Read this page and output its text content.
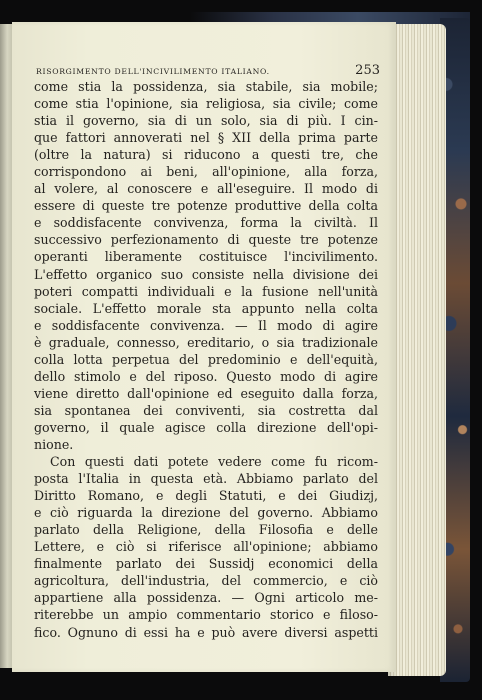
RISORGIMENTO DELL'INCIVILIMENTO ITALIANO.	253
come stia la possidenza, sia stabile, sia mobile;
come stia l'opinione, sia religiosa, sia civile; come
stia il governo, sia di un solo, sia di più. I cin-
que fattori annoverati nel § XII della prima parte
(oltre la natura) si riducono a questi tre, che
corrispondono ai beni, all'opinione, alla forza,
al volere, al conoscere e all'eseguire. Il modo di
essere di queste tre potenze produttive della colta
e soddisfacente convivenza, forma la civiltà. Il
successivo perfezionamento di queste tre potenze
operanti liberamente costituisce l'incivilimento.
L'effetto organico suo consiste nella divisione dei
poteri compatti individuali e la fusione nell'unità
sociale. L'effetto morale sta appunto nella colta
e soddisfacente convivenza. — Il modo di agire
è graduale, connesso, ereditario, o sia tradizionale
colla lotta perpetua del predominio e dell'equità,
dello stimolo e del riposo. Questo modo di agire
viene diretto dall'opinione ed eseguito dalla forza,
sia spontanea dei conviventi, sia costretta dal
governo, il quale agisce colla direzione dell'opi-
nione.
Con questi dati potete vedere come fu ricom-
posta l'Italia in questa età. Abbiamo parlato del
Diritto Romano, e degli Statuti, e dei Giudizj,
e ciò riguarda la direzione del governo. Abbiamo
parlato della Religione, della Filosofia e delle
Lettere, e ciò si riferisce all'opinione; abbiamo
finalmente parlato dei Sussidj economici della
agricoltura, dell'industria, del commercio, e ciò
appartiene alla possidenza. — Ogni articolo me-
riterebbe un ampio commentario storico e filoso-
fico. Ognuno di essi ha e può avere diversi aspetti
